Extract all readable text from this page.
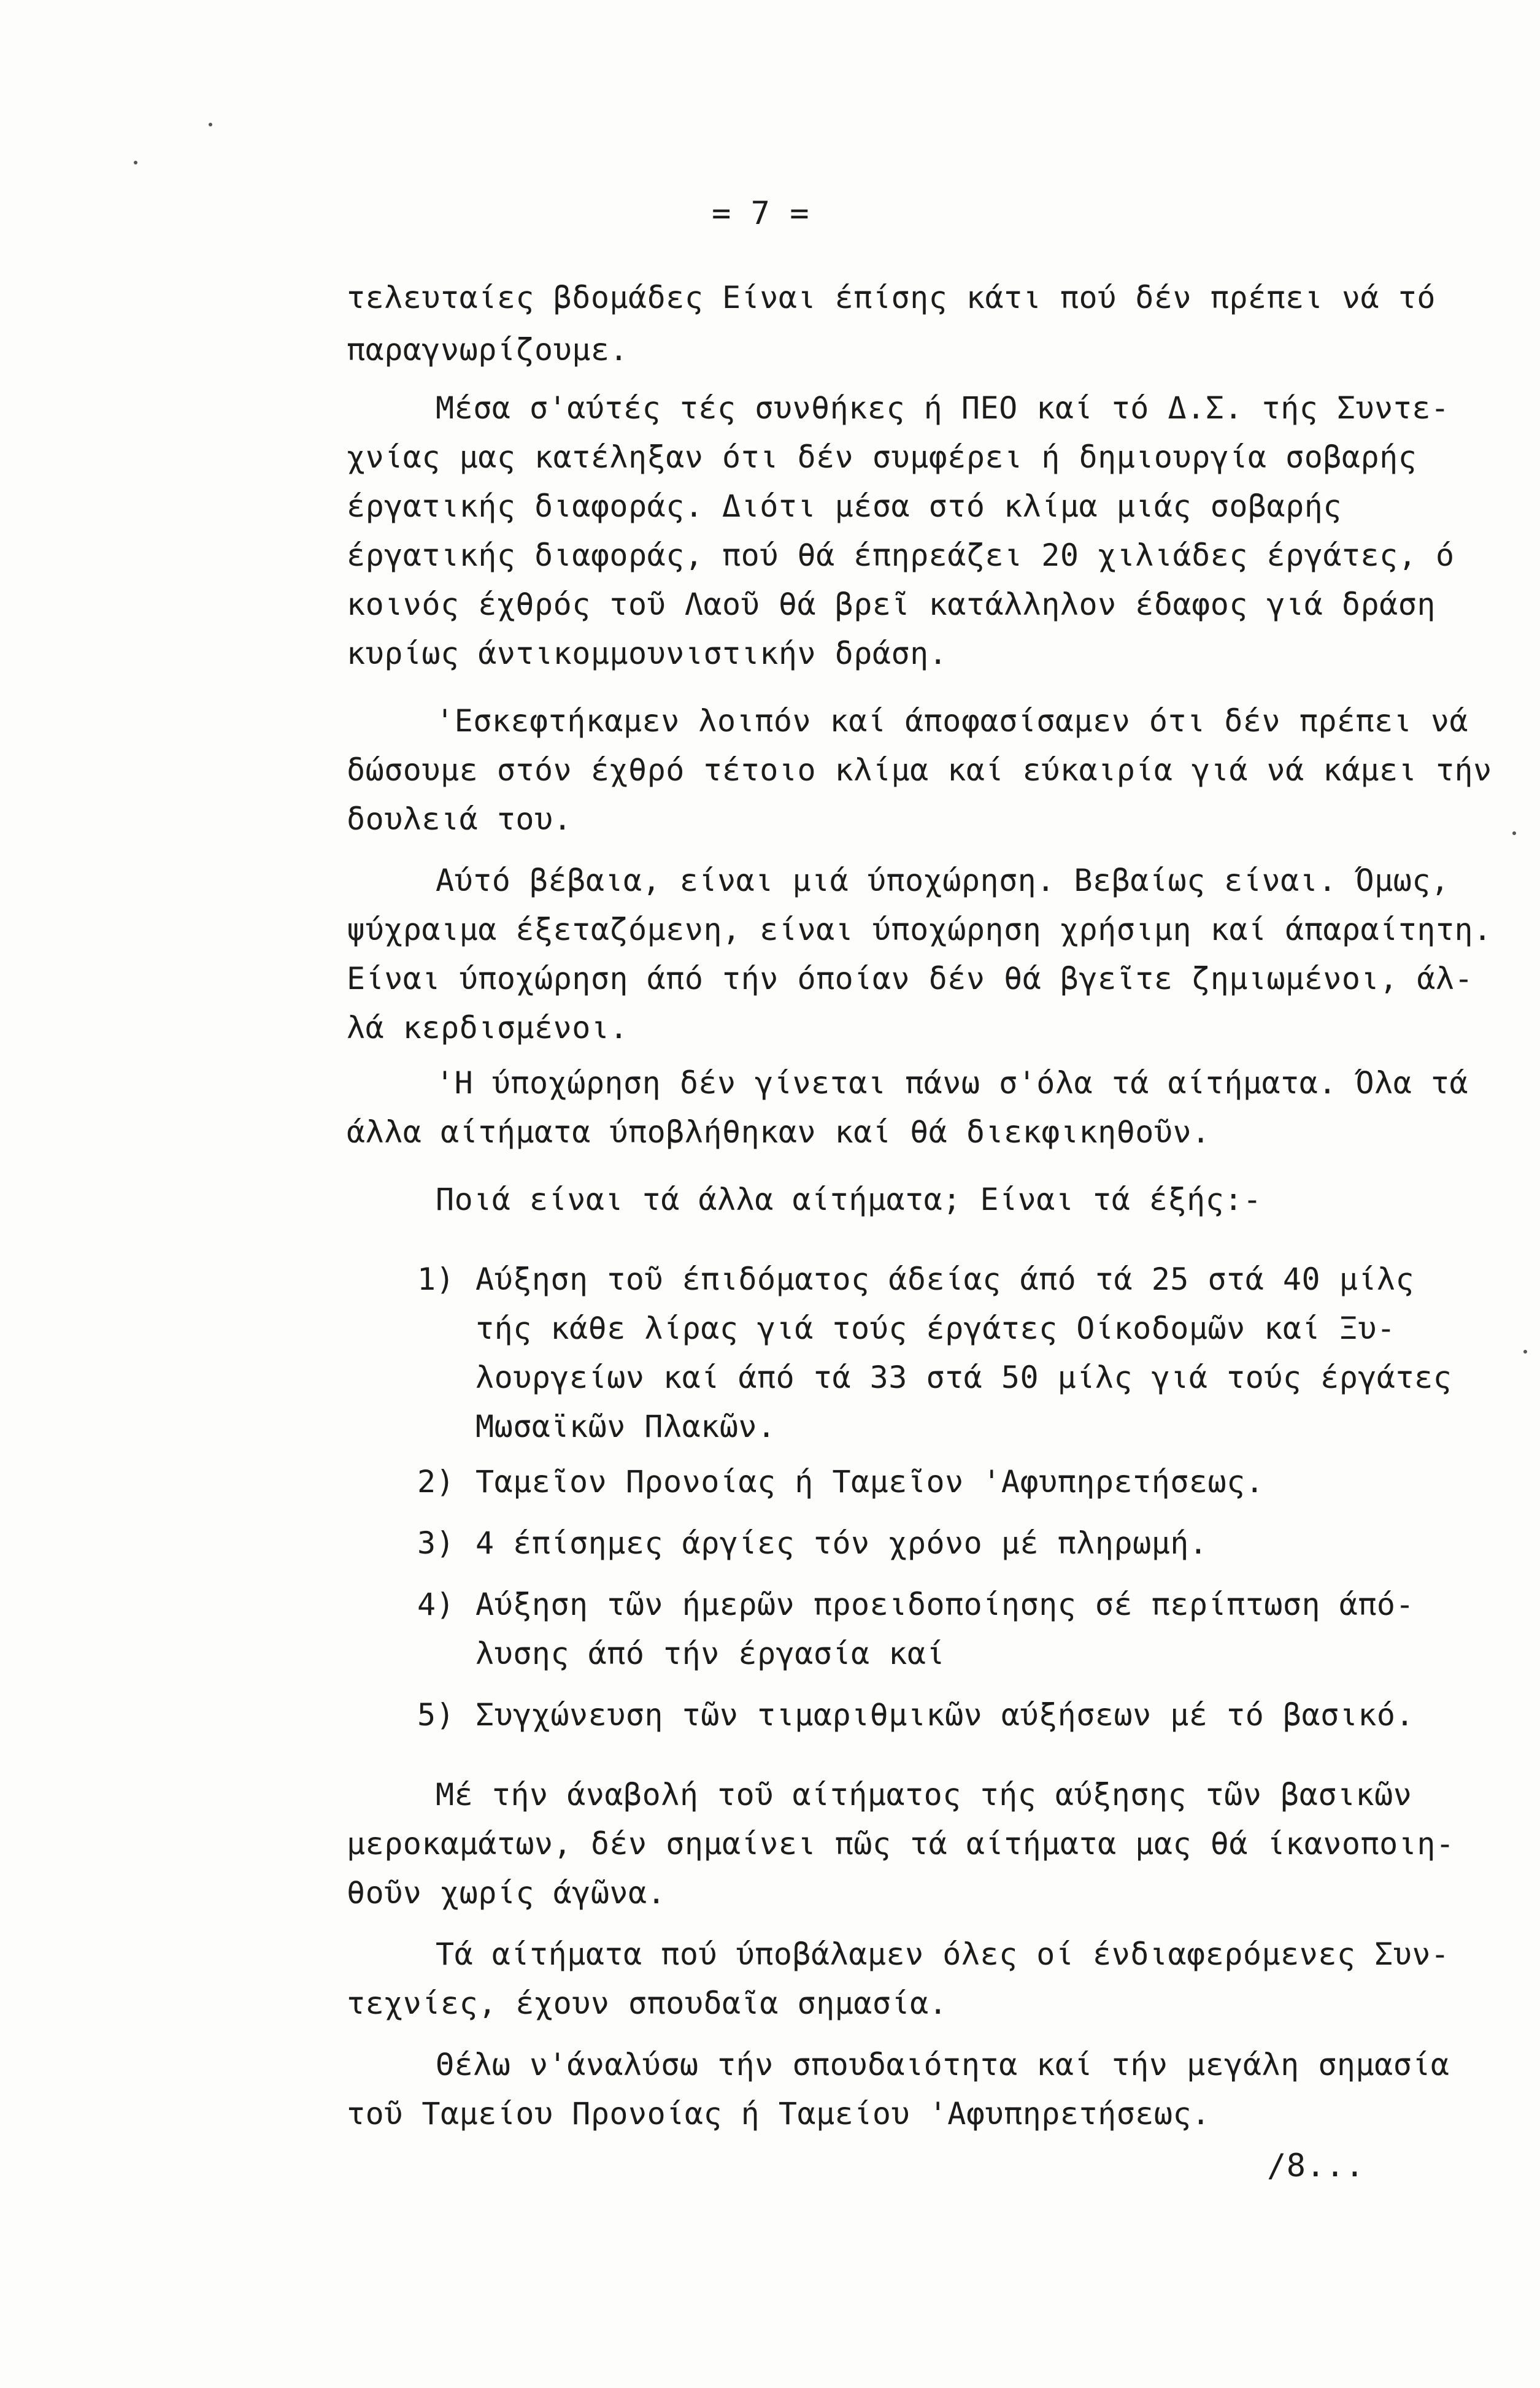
= 7 =
τελευταίες βδομάδες Είναι έπίσης κάτι πού δέν πρέπει νά τό
παραγνωρίζουμε.
Μέσα σ'αύτές τές συνθήκες ή ΠΕΟ καί τό Δ.Σ. τής Συντε-
χνίας μας κατέληξαν ότι δέν συμφέρει ή δημιουργία σοβαρής
έργατικής διαφοράς. Διότι μέσα στό κλίμα μιάς σοβαρής
έργατικής διαφοράς, πού θά έπηρεάζει 20 χιλιάδες έργάτες, ό
κοινός έχθρός τοῦ Λαοῦ θά βρεῖ κατάλληλον έδαφος γιά δράση
κυρίως άντικομμουνιστικήν δράση.
'Εσκεφτήκαμεν λοιπόν καί άποφασίσαμεν ότι δέν πρέπει νά
δώσουμε στόν έχθρό τέτοιο κλίμα καί εύκαιρία γιά νά κάμει τήν
δουλειά του.
Αύτό βέβαια, είναι μιά ύποχώρηση. Βεβαίως είναι. Όμως,
ψύχραιμα έξεταζόμενη, είναι ύποχώρηση χρήσιμη καί άπαραίτητη.
Είναι ύποχώρηση άπό τήν όποίαν δέν θά βγεῖτε ζημιωμένοι, άλ-
λά κερδισμένοι.
'Η ύποχώρηση δέν γίνεται πάνω σ'όλα τά αίτήματα. Όλα τά
άλλα αίτήματα ύποβλήθηκαν καί θά διεκφικηθοῦν.
Ποιά είναι τά άλλα αίτήματα; Είναι τά έξής:-
1) Αύξηση τοῦ έπιδόματος άδείας άπό τά 25 στά 40 μίλς
τής κάθε λίρας γιά τούς έργάτες Οίκοδομῶν καί Ξυ-
λουργείων καί άπό τά 33 στά 50 μίλς γιά τούς έργάτες
Μωσαϊκῶν Πλακῶν.
2) Ταμεῖον Προνοίας ή Ταμεῖον 'Αφυπηρετήσεως.
3) 4 έπίσημες άργίες τόν χρόνο μέ πληρωμή.
4) Αύξηση τῶν ήμερῶν προειδοποίησης σέ περίπτωση άπό-
λυσης άπό τήν έργασία καί
5) Συγχώνευση τῶν τιμαριθμικῶν αύξήσεων μέ τό βασικό.
Μέ τήν άναβολή τοῦ αίτήματος τής αύξησης τῶν βασικῶν
μεροκαμάτων, δέν σημαίνει πῶς τά αίτήματα μας θά ίκανοποιη-
θοῦν χωρίς άγῶνα.
Τά αίτήματα πού ύποβάλαμεν όλες οί ένδιαφερόμενες Συν-
τεχνίες, έχουν σπουδαῖα σημασία.
Θέλω ν'άναλύσω τήν σπουδαιότητα καί τήν μεγάλη σημασία
τοῦ Ταμείου Προνοίας ή Ταμείου 'Αφυπηρετήσεως.
/8...
